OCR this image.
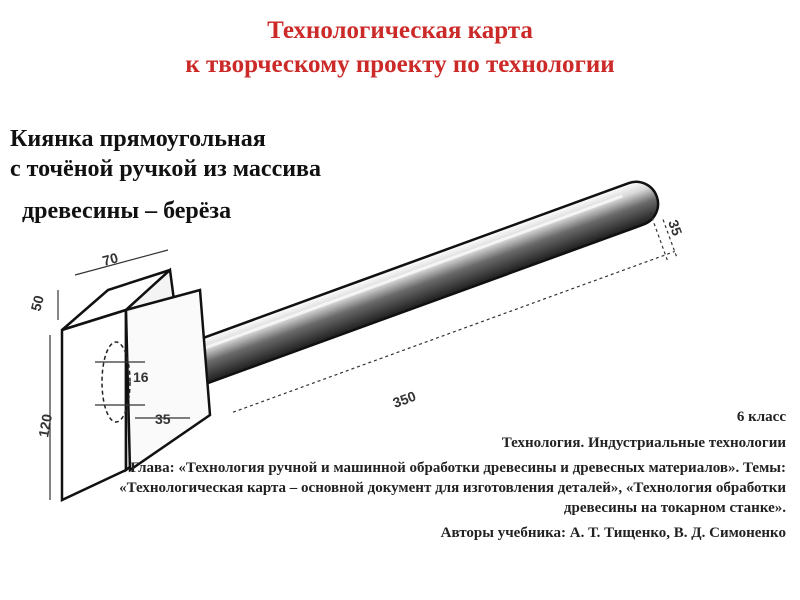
70
50
120
16
35
350
35
Технологическая карта
к творческому проекту по технологии
Киянка прямоугольная
с точёной ручкой из массива
древесины – берёза

6 класс

Технология. Индустриальные технологии

Глава: «Технология ручной и машинной обработки древесины и древесных материалов». Темы: «Технологическая карта – основной документ для изготовления деталей», «Технология обработки древесины на токарном станке».

Авторы учебника: А. Т. Тищенко, В. Д. Симоненко
